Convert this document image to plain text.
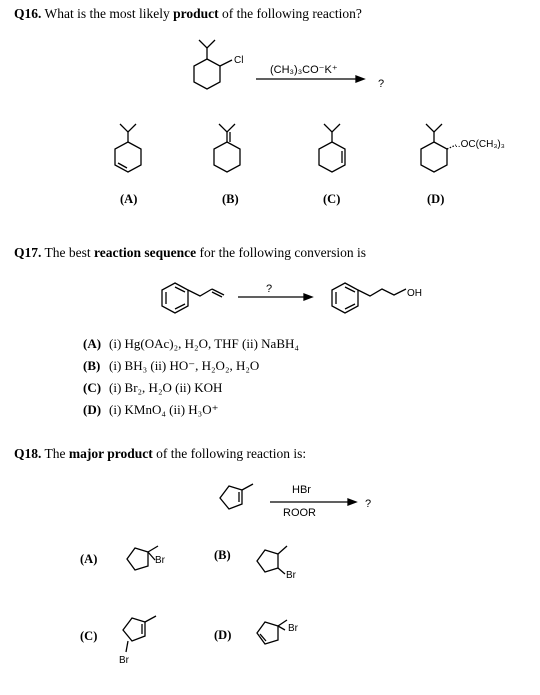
Q16. What is the most likely product of the following reaction?
Cl
(CH₃)₃CO⁻K⁺
?
(A)	(B)	(C)
..OC(CH₃)₃
(D)
Q17. The best reaction sequence for the following conversion is
?	OH
(A) (i) Hg(OAc)₂, H₂O, THF (ii) NaBH₄
(B) (i) BH₃ (ii) HO⁻, H₂O₂, H₂O
(C) (i) Br₂, H₂O (ii) KOH
(D) (i) KMnO₄ (ii) H₃O⁺
Q18. The major product of the following reaction is:
HBr
ROOR
?
(A)	Br	(B)
Br
(C)
Br
(D)	Br
